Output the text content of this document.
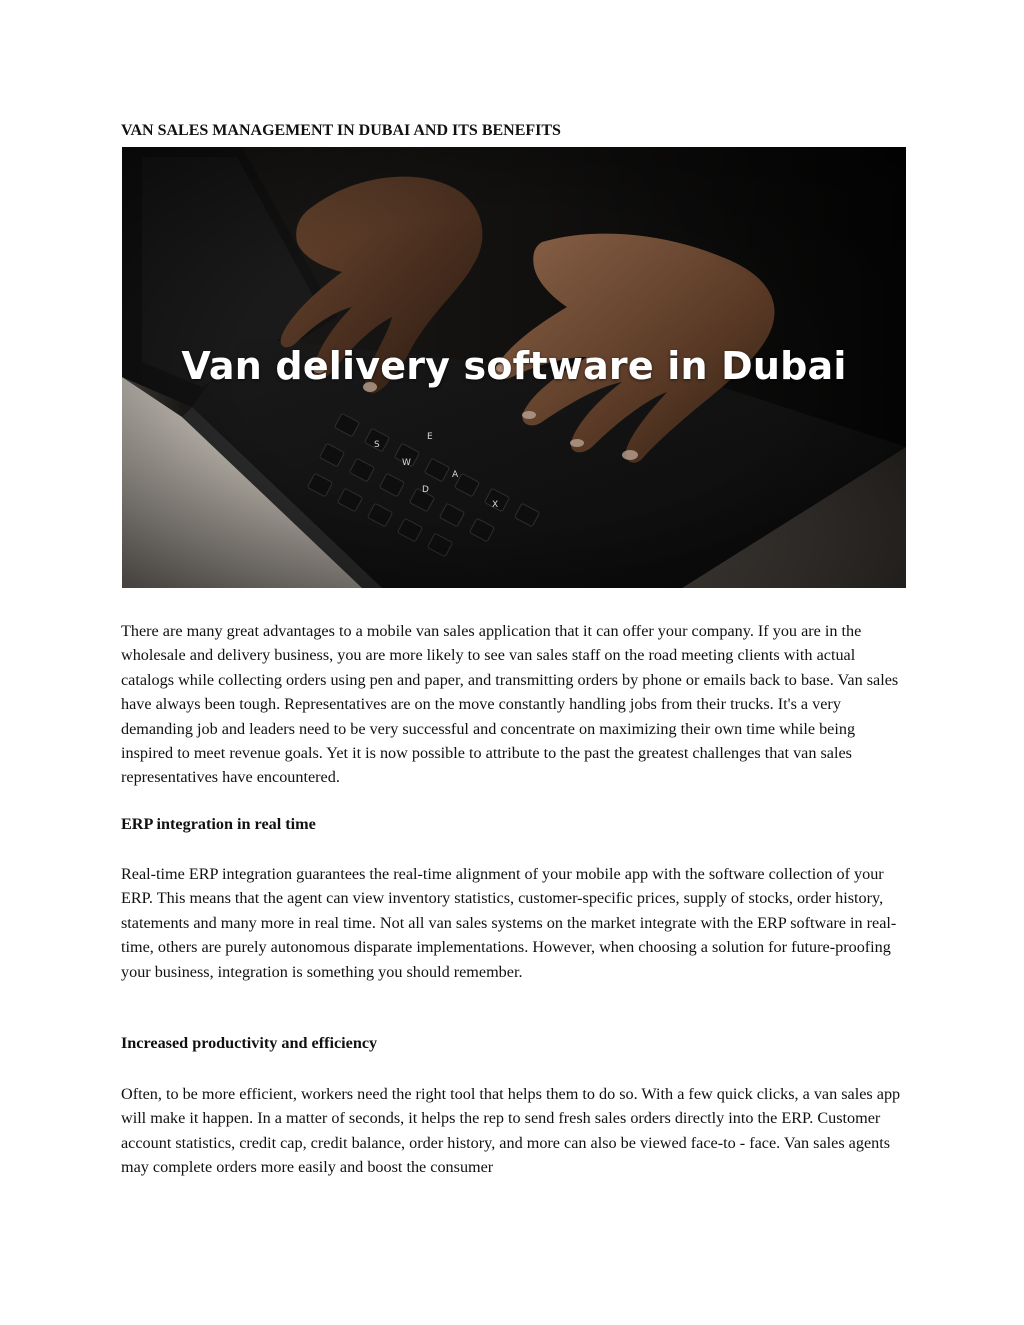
VAN SALES MANAGEMENT IN DUBAI AND ITS BENEFITS
Van delivery software in Dubai

There are many great advantages to a mobile van sales application that it can offer your company. If you are in the wholesale and delivery business, you are more likely to see van sales staff on the road meeting clients with actual catalogs while collecting orders using pen and paper, and transmitting orders by phone or emails back to base. Van sales have always been tough. Representatives are on the move constantly handling jobs from their trucks. It's a very demanding job and leaders need to be very successful and concentrate on maximizing their own time while being inspired to meet revenue goals. Yet it is now possible to attribute to the past the greatest challenges that van sales representatives have encountered.

ERP integration in real time

Real-time ERP integration guarantees the real-time alignment of your mobile app with the software collection of your ERP. This means that the agent can view inventory statistics, customer-specific prices, supply of stocks, order history, statements and many more in real time. Not all van sales systems on the market integrate with the ERP software in real-time, others are purely autonomous disparate implementations. However, when choosing a solution for future-proofing your business, integration is something you should remember.

Increased productivity and efficiency

Often, to be more efficient, workers need the right tool that helps them to do so. With a few quick clicks, a van sales app will make it happen. In a matter of seconds, it helps the rep to send fresh sales orders directly into the ERP. Customer account statistics, credit cap, credit balance, order history, and more can also be viewed face-to - face. Van sales agents may complete orders more easily and boost the consumer
